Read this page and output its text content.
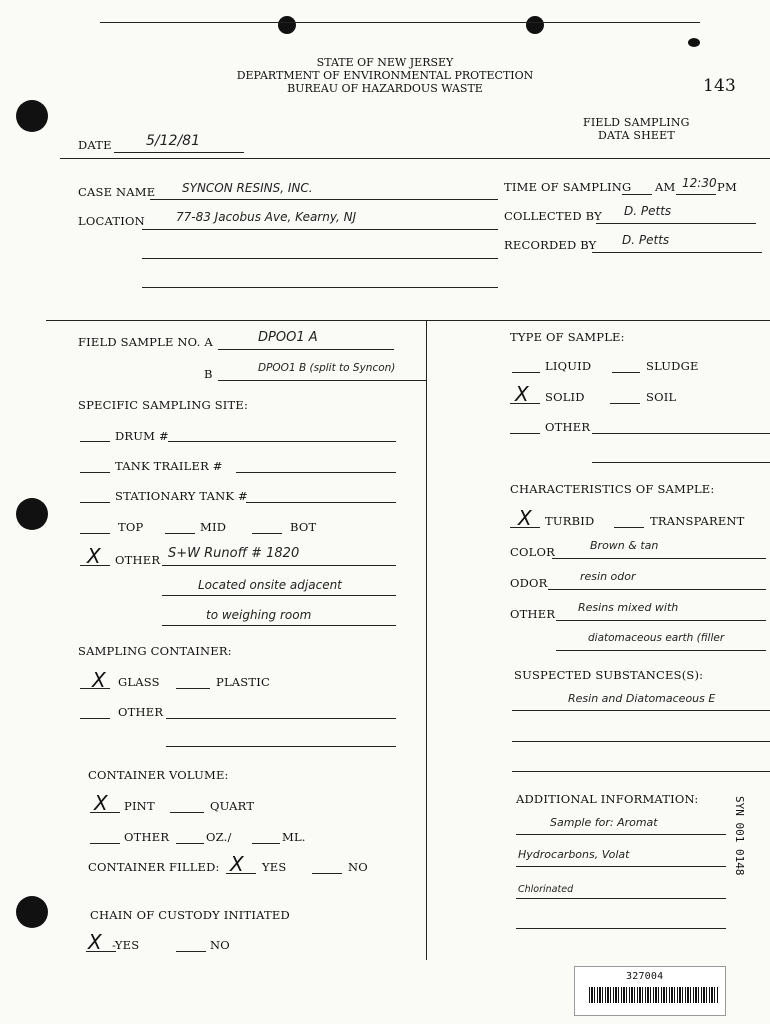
STATE OF NEW JERSEY
DEPARTMENT OF ENVIRONMENTAL PROTECTION
BUREAU OF HAZARDOUS WASTE	143
FIELD SAMPLING
DATA SHEET
DATE 5/12/81
CASE NAME SYNCON RESINS, INC.
LOCATION	77-83 Jacobus Ave, Kearny, NJ
TIME OF SAMPLING AM 12:30 PM
COLLECTED BY D. Petts
RECORDED BY D. Petts
FIELD SAMPLE NO. A	DPOO1 A
B	DPOO1 B (split to Syncon)
SPECIFIC SAMPLING SITE:
DRUM #
TANK TRAILER #
STATIONARY TANK #
TOP	MID	BOT
X OTHER S+W Runoff # 1820
Located onsite adjacent
to weighing room
SAMPLING CONTAINER:
X GLASS	PLASTIC
OTHER
CONTAINER VOLUME:
X PINT	QUART
OTHER	OZ./	ML.
CONTAINER FILLED: X YES	NO
CHAIN OF CUSTODY INITIATED
X -YES	NO
TYPE OF SAMPLE:
LIQUID	SLUDGE
X SOLID	SOIL
OTHER
CHARACTERISTICS OF SAMPLE:
X TURBID	TRANSPARENT
COLOR	Brown & tan
ODOR	resin odor
OTHER Resins mixed with
diatomaceous earth (filler
SUSPECTED SUBSTANCES(S):
Resin and Diatomaceous E
ADDITIONAL INFORMATION:
Sample for: Aromat
Hydrocarbons, Volat
Chlorinated
SYN 001 0148
327004
